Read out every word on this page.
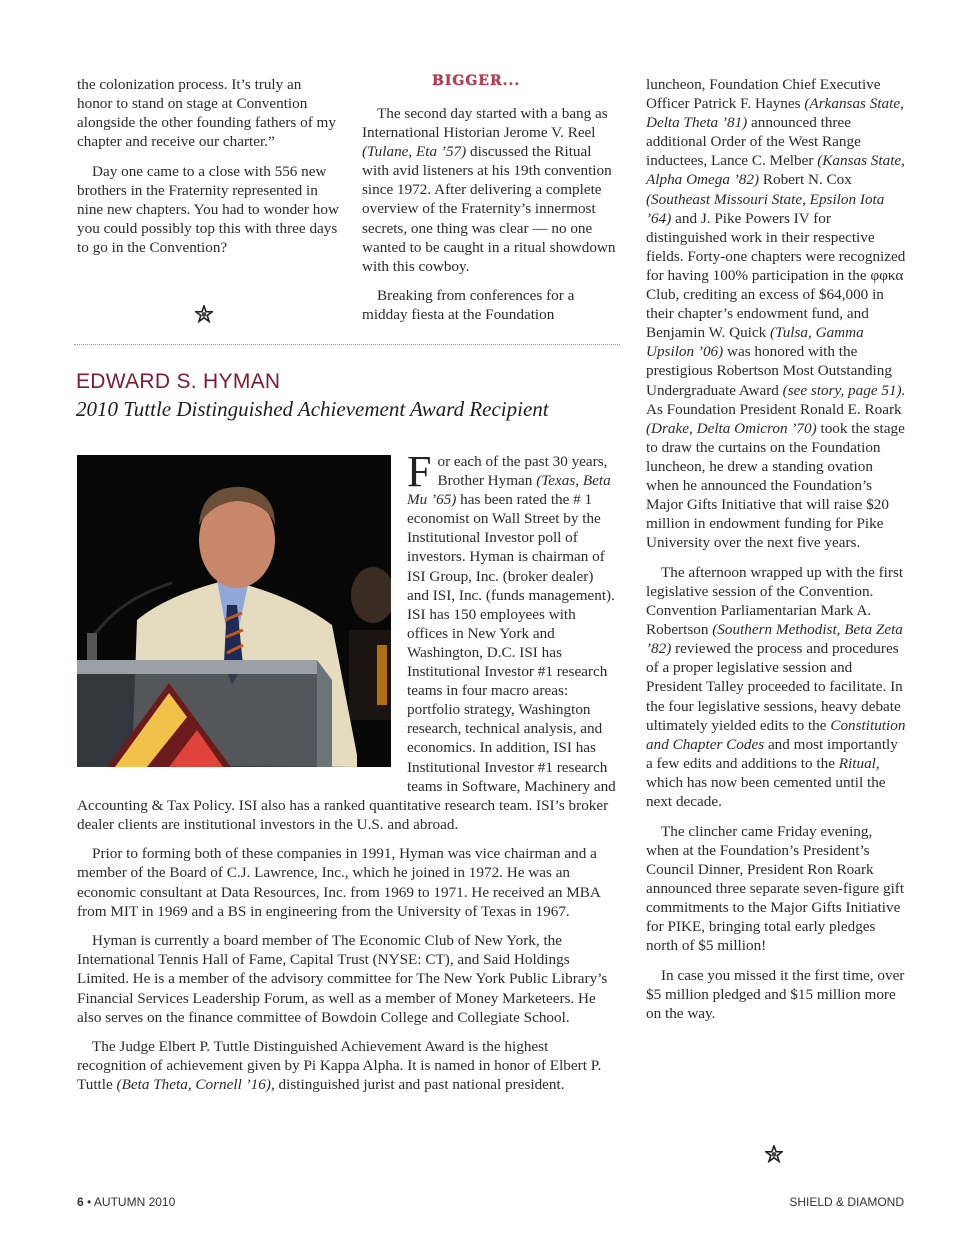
the colonization process. It’s truly an honor to stand on stage at Convention alongside the other founding fathers of my chapter and receive our charter.”

Day one came to a close with 556 new brothers in the Fraternity represented in nine new chapters. You had to wonder how you could possibly top this with three days to go in the Convention?

BIGGER...

The second day started with a bang as International Historian Jerome V. Reel (Tulane, Eta ’57) discussed the Ritual with avid listeners at his 19th convention since 1972. After delivering a complete overview of the Fraternity’s innermost secrets, one thing was clear — no one wanted to be caught in a ritual showdown with this cowboy.

Breaking from conferences for a midday fiesta at the Foundation

luncheon, Foundation Chief Executive Officer Patrick F. Haynes (Arkansas State, Delta Theta ’81) announced three additional Order of the West Range inductees, Lance C. Melber (Kansas State, Alpha Omega ’82) Robert N. Cox (Southeast Missouri State, Epsilon Iota ’64) and J. Pike Powers IV for distinguished work in their respective fields. Forty-one chapters were recognized for having 100% participation in the φφκα Club, crediting an excess of $64,000 in their chapter’s endowment fund, and Benjamin W. Quick (Tulsa, Gamma Upsilon ’06) was honored with the prestigious Robertson Most Outstanding Undergraduate Award (see story, page 51). As Foundation President Ronald E. Roark (Drake, Delta Omicron ’70) took the stage to draw the curtains on the Foundation luncheon, he drew a standing ovation when he announced the Foundation’s Major Gifts Initiative that will raise $20 million in endowment funding for Pike University over the next five years.

The afternoon wrapped up with the first legislative session of the Convention. Convention Parliamentarian Mark A. Robertson (Southern Methodist, Beta Zeta ’82) reviewed the process and procedures of a proper legislative session and President Talley proceeded to facilitate. In the four legislative sessions, heavy debate ultimately yielded edits to the Constitution and Chapter Codes and most importantly a few edits and additions to the Ritual, which has now been cemented until the next decade.

The clincher came Friday evening, when at the Foundation’s President’s Council Dinner, President Ron Roark announced three separate seven-figure gift commitments to the Major Gifts Initiative for PIKE, bringing total early pledges north of $5 million!

In case you missed it the first time, over $5 million pledged and $15 million more on the way.

EDWARD S. HYMAN
2010 Tuttle Distinguished Achievement Award Recipient

For each of the past 30 years, Brother Hyman (Texas, Beta Mu ’65) has been rated the # 1 economist on Wall Street by the Institutional Investor poll of investors. Hyman is chairman of ISI Group, Inc. (broker dealer) and ISI, Inc. (funds management). ISI has 150 employees with offices in New York and Washington, D.C. ISI has Institutional Investor #1 research teams in four macro areas: portfolio strategy, Washington research, technical analysis, and economics. In addition, ISI has Institutional Investor #1 research teams in Software, Machinery and Accounting & Tax Policy. ISI also has a ranked quantitative research team. ISI’s broker dealer clients are institutional investors in the U.S. and abroad.

Prior to forming both of these companies in 1991, Hyman was vice chairman and a member of the Board of C.J. Lawrence, Inc., which he joined in 1972. He was an economic consultant at Data Resources, Inc. from 1969 to 1971. He received an MBA from MIT in 1969 and a BS in engineering from the University of Texas in 1967.

Hyman is currently a board member of The Economic Club of New York, the International Tennis Hall of Fame, Capital Trust (NYSE: CT), and Said Holdings Limited. He is a member of the advisory committee for The New York Public Library’s Financial Services Leadership Forum, as well as a member of Money Marketeers. He also serves on the finance committee of Bowdoin College and Collegiate School.

The Judge Elbert P. Tuttle Distinguished Achievement Award is the highest recognition of achievement given by Pi Kappa Alpha. It is named in honor of Elbert P. Tuttle (Beta Theta, Cornell ’16), distinguished jurist and past national president.

6 • AUTUMN 2010	SHIELD & DIAMOND
